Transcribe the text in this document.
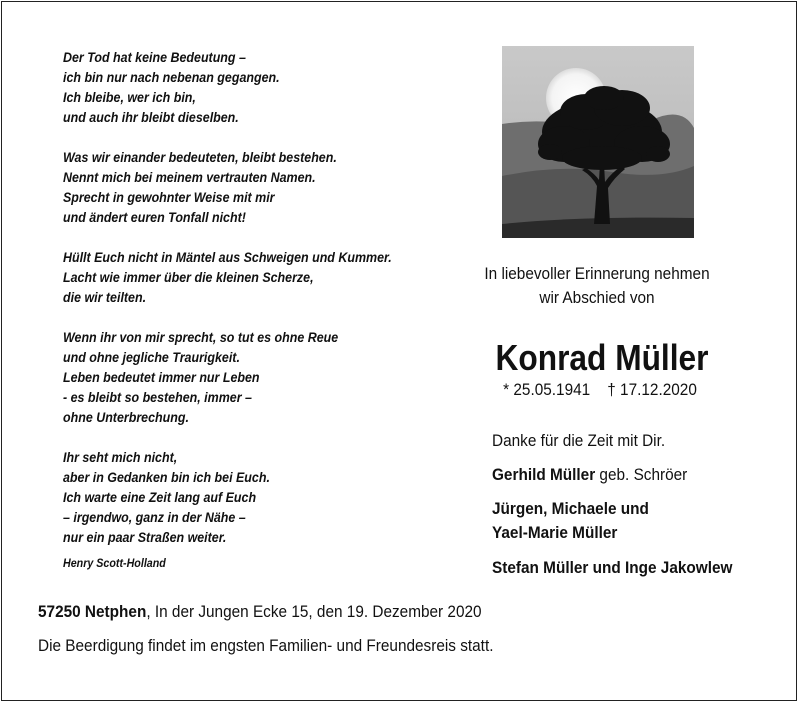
Der Tod hat keine Bedeutung –
ich bin nur nach nebenan gegangen.
Ich bleibe, wer ich bin,
und auch ihr bleibt dieselben.
Was wir einander bedeuteten, bleibt bestehen.
Nennt mich bei meinem vertrauten Namen.
Sprecht in gewohnter Weise mit mir
und ändert euren Tonfall nicht!
Hüllt Euch nicht in Mäntel aus Schweigen und Kummer.
Lacht wie immer über die kleinen Scherze,
die wir teilten.
Wenn ihr von mir sprecht, so tut es ohne Reue
und ohne jegliche Traurigkeit.
Leben bedeutet immer nur Leben
- es bleibt so bestehen, immer –
ohne Unterbrechung.
Ihr seht mich nicht,
aber in Gedanken bin ich bei Euch.
Ich warte eine Zeit lang auf Euch
– irgendwo, ganz in der Nähe –
nur ein paar Straßen weiter.
Henry Scott-Holland
In liebevoller Erinnerung nehmen
wir Abschied von
Konrad Müller
* 25.05.1941 † 17.12.2020
Danke für die Zeit mit Dir.
Gerhild Müller geb. Schröer
Jürgen, Michaele und
Yael-Marie Müller
Stefan Müller und Inge Jakowlew
57250 Netphen, In der Jungen Ecke 15, den 19. Dezember 2020
Die Beerdigung findet im engsten Familien- und Freundesreis statt.
